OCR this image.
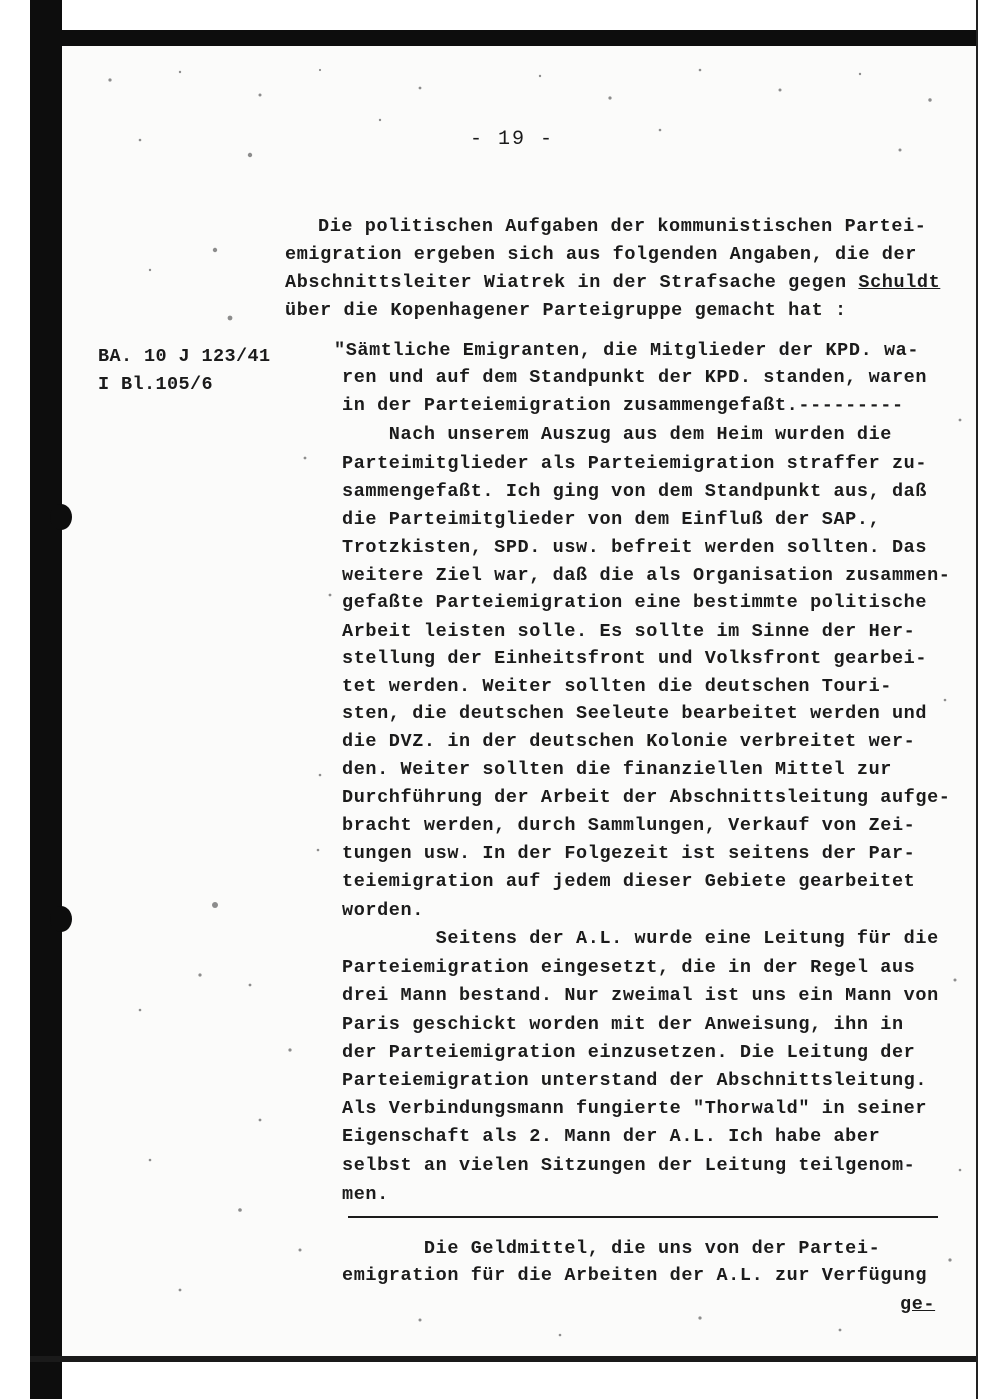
- 19 -
Die politischen Aufgaben der kommunistischen Partei-
emigration ergeben sich aus folgenden Angaben, die der
Abschnittsleiter Wiatrek in der Strafsache gegen Schuldt
über die Kopenhagener Parteigruppe gemacht hat :
BA. 10 J 123/41
I Bl.105/6
"Sämtliche Emigranten, die Mitglieder der KPD. wa-
ren und auf dem Standpunkt der KPD. standen, waren
in der Parteiemigration zusammengefaßt.---------
Nach unserem Auszug aus dem Heim wurden die
Parteimitglieder als Parteiemigration straffer zu-
sammengefaßt. Ich ging von dem Standpunkt aus, daß
die Parteimitglieder von dem Einfluß der SAP.,
Trotzkisten, SPD. usw. befreit werden sollten. Das
weitere Ziel war, daß die als Organisation zusammen-
gefaßte Parteiemigration eine bestimmte politische
Arbeit leisten solle. Es sollte im Sinne der Her-
stellung der Einheitsfront und Volksfront gearbei-
tet werden. Weiter sollten die deutschen Touri-
sten, die deutschen Seeleute bearbeitet werden und
die DVZ. in der deutschen Kolonie verbreitet wer-
den. Weiter sollten die finanziellen Mittel zur
Durchführung der Arbeit der Abschnittsleitung aufge-
bracht werden, durch Sammlungen, Verkauf von Zei-
tungen usw. In der Folgezeit ist seitens der Par-
teiemigration auf jedem dieser Gebiete gearbeitet
worden.
Seitens der A.L. wurde eine Leitung für die
Parteiemigration eingesetzt, die in der Regel aus
drei Mann bestand. Nur zweimal ist uns ein Mann von
Paris geschickt worden mit der Anweisung, ihn in
der Parteiemigration einzusetzen. Die Leitung der
Parteiemigration unterstand der Abschnittsleitung.
Als Verbindungsmann fungierte "Thorwald" in seiner
Eigenschaft als 2. Mann der A.L. Ich habe aber
selbst an vielen Sitzungen der Leitung teilgenom-
men.
Die Geldmittel, die uns von der Partei-
emigration für die Arbeiten der A.L. zur Verfügung
ge-
